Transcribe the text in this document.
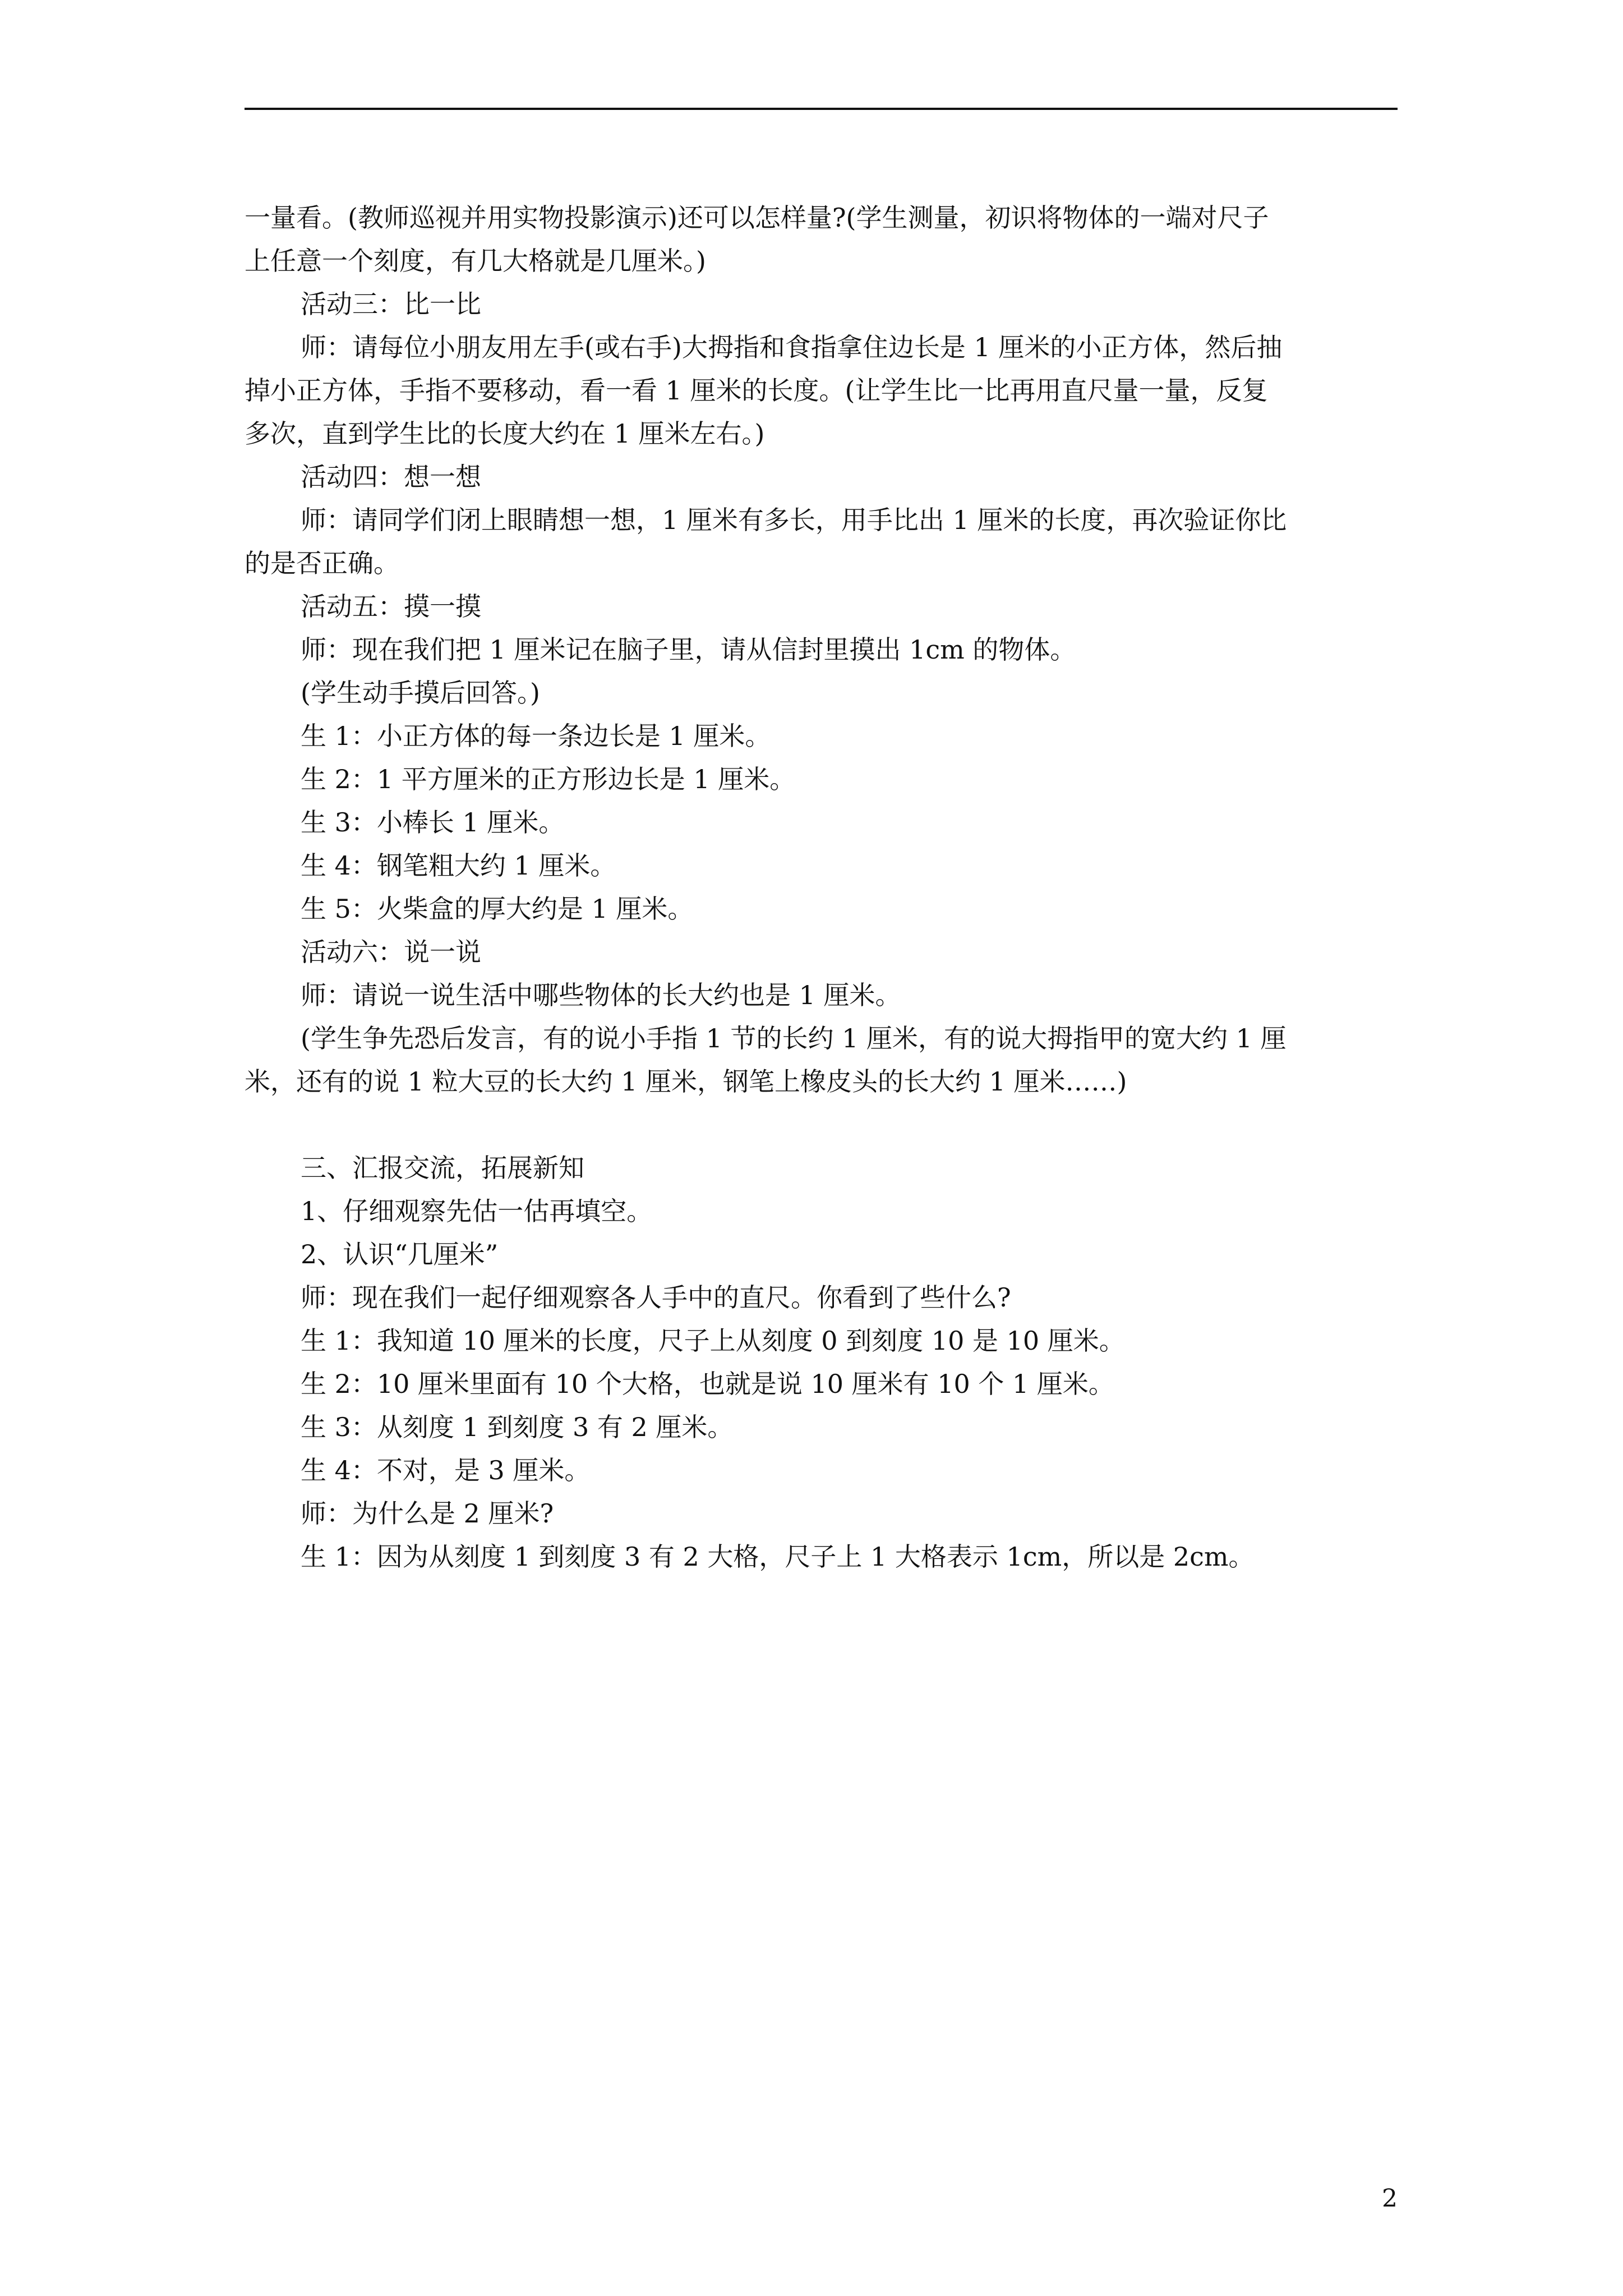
一量看。(教师巡视并用实物投影演示)还可以怎样量?(学生测量，初识将物体的一端对尺子

上任意一个刻度，有几大格就是几厘米。)

活动三：比一比

师：请每位小朋友用左手(或右手)大拇指和食指拿住边长是 1 厘米的小正方体，然后抽

掉小正方体，手指不要移动，看一看 1 厘米的长度。(让学生比一比再用直尺量一量，反复

多次，直到学生比的长度大约在 1 厘米左右。)

活动四：想一想

师：请同学们闭上眼睛想一想，1 厘米有多长，用手比出 1 厘米的长度，再次验证你比

的是否正确。

活动五：摸一摸

师：现在我们把 1 厘米记在脑子里，请从信封里摸出 1cm 的物体。

(学生动手摸后回答。)

生 1：小正方体的每一条边长是 1 厘米。

生 2：1 平方厘米的正方形边长是 1 厘米。

生 3：小棒长 1 厘米。

生 4：钢笔粗大约 1 厘米。

生 5：火柴盒的厚大约是 1 厘米。

活动六：说一说

师：请说一说生活中哪些物体的长大约也是 1 厘米。

(学生争先恐后发言，有的说小手指 1 节的长约 1 厘米，有的说大拇指甲的宽大约 1 厘

米，还有的说 1 粒大豆的长大约 1 厘米，钢笔上橡皮头的长大约 1 厘米……)

三、汇报交流，拓展新知

1、仔细观察先估一估再填空。

2、认识“几厘米”

师：现在我们一起仔细观察各人手中的直尺。你看到了些什么?

生 1：我知道 10 厘米的长度，尺子上从刻度 0 到刻度 10 是 10 厘米。

生 2：10 厘米里面有 10 个大格，也就是说 10 厘米有 10 个 1 厘米。

生 3：从刻度 1 到刻度 3 有 2 厘米。

生 4：不对，是 3 厘米。

师：为什么是 2 厘米?

生 1：因为从刻度 1 到刻度 3 有 2 大格，尺子上 1 大格表示 1cm，所以是 2cm。

2
